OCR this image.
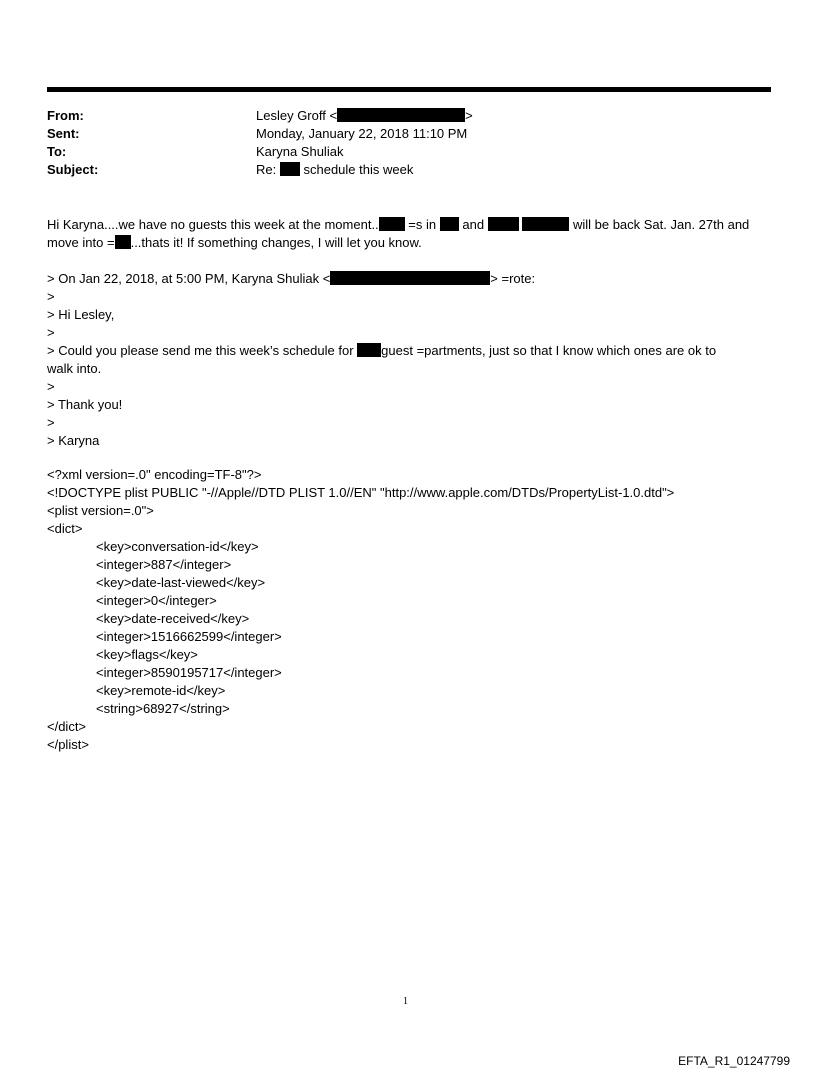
From:	Lesley Groff <	>
Sent:	Monday, January 22, 2018 11:10 PM
To:	Karyna Shuliak
Subject:	Re: schedule this week
Hi Karyna....we have no guests this week at the moment.. =s in and	will be back Sat. Jan. 27th and
move into = ...thats it! If something changes, I will let you know.
> On Jan 22, 2018, at 5:00 PM, Karyna Shuliak <	> =rote:
>
> Hi Lesley,
>
> Could you please send me this week’s schedule for guest =partments, just so that I know which ones are ok to
walk into.
>
> Thank you!
>
> Karyna
<?xml version=.0" encoding=TF-8"?>
<!DOCTYPE plist PUBLIC "-//Apple//DTD PLIST 1.0//EN" "http://www.apple.com/DTDs/PropertyList-1.0.dtd">
<plist version=.0">
<dict>
<key>conversation-id</key>
<integer>887</integer>
<key>date-last-viewed</key>
<integer>0</integer>
<key>date-received</key>
<integer>1516662599</integer>
<key>flags</key>
<integer>8590195717</integer>
<key>remote-id</key>
<string>68927</string>
</dict>
</plist>
1
EFTA_R1_01247799
